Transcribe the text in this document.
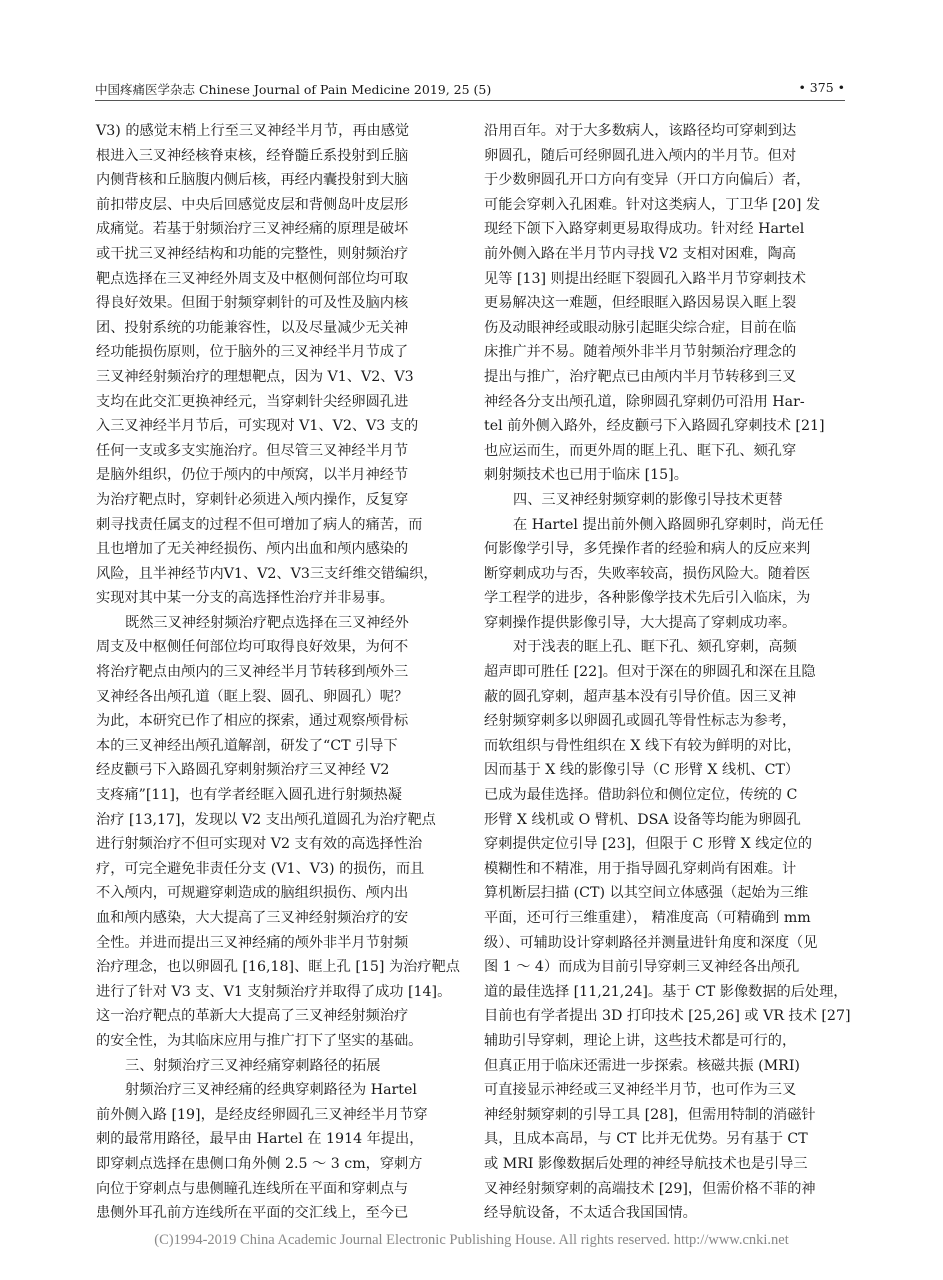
中国疼痛医学杂志 Chinese Journal of Pain Medicine 2019, 25 (5)	• 375 •
V3) 的感觉末梢上行至三叉神经半月节，再由感觉
根进入三叉神经核脊束核，经脊髓丘系投射到丘脑
内侧背核和丘脑腹内侧后核，再经内囊投射到大脑
前扣带皮层、中央后回感觉皮层和背侧岛叶皮层形
成痛觉。若基于射频治疗三叉神经痛的原理是破坏
或干扰三叉神经结构和功能的完整性，则射频治疗
靶点选择在三叉神经外周支及中枢侧何部位均可取
得良好效果。但囿于射频穿刺针的可及性及脑内核
团、投射系统的功能兼容性，以及尽量减少无关神
经功能损伤原则，位于脑外的三叉神经半月节成了
三叉神经射频治疗的理想靶点，因为 V1、V2、V3
支均在此交汇更换神经元，当穿刺针尖经卵圆孔进
入三叉神经半月节后，可实现对 V1、V2、V3 支的
任何一支或多支实施治疗。但尽管三叉神经半月节
是脑外组织，仍位于颅内的中颅窝，以半月神经节
为治疗靶点时，穿刺针必须进入颅内操作，反复穿
刺寻找责任属支的过程不但可增加了病人的痛苦，而
且也增加了无关神经损伤、颅内出血和颅内感染的
风险，且半神经节内V1、V2、V3三支纤维交错编织，
实现对其中某一分支的高选择性治疗并非易事。
既然三叉神经射频治疗靶点选择在三叉神经外
周支及中枢侧任何部位均可取得良好效果，为何不
将治疗靶点由颅内的三叉神经半月节转移到颅外三
叉神经各出颅孔道（眶上裂、圆孔、卵圆孔）呢？
为此，本研究已作了相应的探索，通过观察颅骨标
本的三叉神经出颅孔道解剖，研发了“CT 引导下
经皮颧弓下入路圆孔穿刺射频治疗三叉神经 V2
支疼痛”[11]，也有学者经眶入圆孔进行射频热凝
治疗 [13,17]，发现以 V2 支出颅孔道圆孔为治疗靶点
进行射频治疗不但可实现对 V2 支有效的高选择性治
疗，可完全避免非责任分支 (V1、V3) 的损伤，而且
不入颅内，可规避穿刺造成的脑组织损伤、颅内出
血和颅内感染，大大提高了三叉神经射频治疗的安
全性。并进而提出三叉神经痛的颅外非半月节射频
治疗理念，也以卵圆孔 [16,18]、眶上孔 [15] 为治疗靶点
进行了针对 V3 支、V1 支射频治疗并取得了成功 [14]。
这一治疗靶点的革新大大提高了三叉神经射频治疗
的安全性，为其临床应用与推广打下了坚实的基础。
三、射频治疗三叉神经痛穿刺路径的拓展
射频治疗三叉神经痛的经典穿刺路径为 Hartel
前外侧入路 [19]，是经皮经卵圆孔三叉神经半月节穿
刺的最常用路径，最早由 Hartel 在 1914 年提出，
即穿刺点选择在患侧口角外侧 2.5 ～ 3 cm，穿刺方
向位于穿刺点与患侧瞳孔连线所在平面和穿刺点与
患侧外耳孔前方连线所在平面的交汇线上，至今已
沿用百年。对于大多数病人，该路径均可穿刺到达
卵圆孔，随后可经卵圆孔进入颅内的半月节。但对
于少数卵圆孔开口方向有变异（开口方向偏后）者，
可能会穿刺入孔困难。针对这类病人，丁卫华 [20] 发
现经下颌下入路穿刺更易取得成功。针对经 Hartel
前外侧入路在半月节内寻找 V2 支相对困难，陶高
见等 [13] 则提出经眶下裂圆孔入路半月节穿刺技术
更易解决这一难题，但经眼眶入路因易误入眶上裂
伤及动眼神经或眼动脉引起眶尖综合症，目前在临
床推广并不易。随着颅外非半月节射频治疗理念的
提出与推广，治疗靶点已由颅内半月节转移到三叉
神经各分支出颅孔道，除卵圆孔穿刺仍可沿用 Har-
tel 前外侧入路外，经皮颧弓下入路圆孔穿刺技术 [21]
也应运而生，而更外周的眶上孔、眶下孔、颏孔穿
刺射频技术也已用于临床 [15]。
四、三叉神经射频穿刺的影像引导技术更替
在 Hartel 提出前外侧入路圆卵孔穿刺时，尚无任
何影像学引导，多凭操作者的经验和病人的反应来判
断穿刺成功与否，失败率较高，损伤风险大。随着医
学工程学的进步，各种影像学技术先后引入临床，为
穿刺操作提供影像引导，大大提高了穿刺成功率。
对于浅表的眶上孔、眶下孔、颏孔穿刺，高频
超声即可胜任 [22]。但对于深在的卵圆孔和深在且隐
蔽的圆孔穿刺，超声基本没有引导价值。因三叉神
经射频穿刺多以卵圆孔或圆孔等骨性标志为参考，
而软组织与骨性组织在 X 线下有较为鲜明的对比，
因而基于 X 线的影像引导（C 形臂 X 线机、CT）
已成为最佳选择。借助斜位和侧位定位，传统的 C
形臂 X 线机或 O 臂机、DSA 设备等均能为卵圆孔
穿刺提供定位引导 [23]，但限于 C 形臂 X 线定位的
模糊性和不精准，用于指导圆孔穿刺尚有困难。计
算机断层扫描 (CT) 以其空间立体感强（起始为三维
平面，还可行三维重建）， 精准度高（可精确到 mm
级）、可辅助设计穿刺路径并测量进针角度和深度（见
图 1 ～ 4）而成为目前引导穿刺三叉神经各出颅孔
道的最佳选择 [11,21,24]。基于 CT 影像数据的后处理，
目前也有学者提出 3D 打印技术 [25,26] 或 VR 技术 [27]
辅助引导穿刺，理论上讲，这些技术都是可行的，
但真正用于临床还需进一步探索。核磁共振 (MRI)
可直接显示神经或三叉神经半月节，也可作为三叉
神经射频穿刺的引导工具 [28]，但需用特制的消磁针
具，且成本高昂，与 CT 比并无优势。另有基于 CT
或 MRI 影像数据后处理的神经导航技术也是引导三
叉神经射频穿刺的高端技术 [29]，但需价格不菲的神
经导航设备，不太适合我国国情。
(C)1994-2019 China Academic Journal Electronic Publishing House. All rights reserved. http://www.cnki.net
